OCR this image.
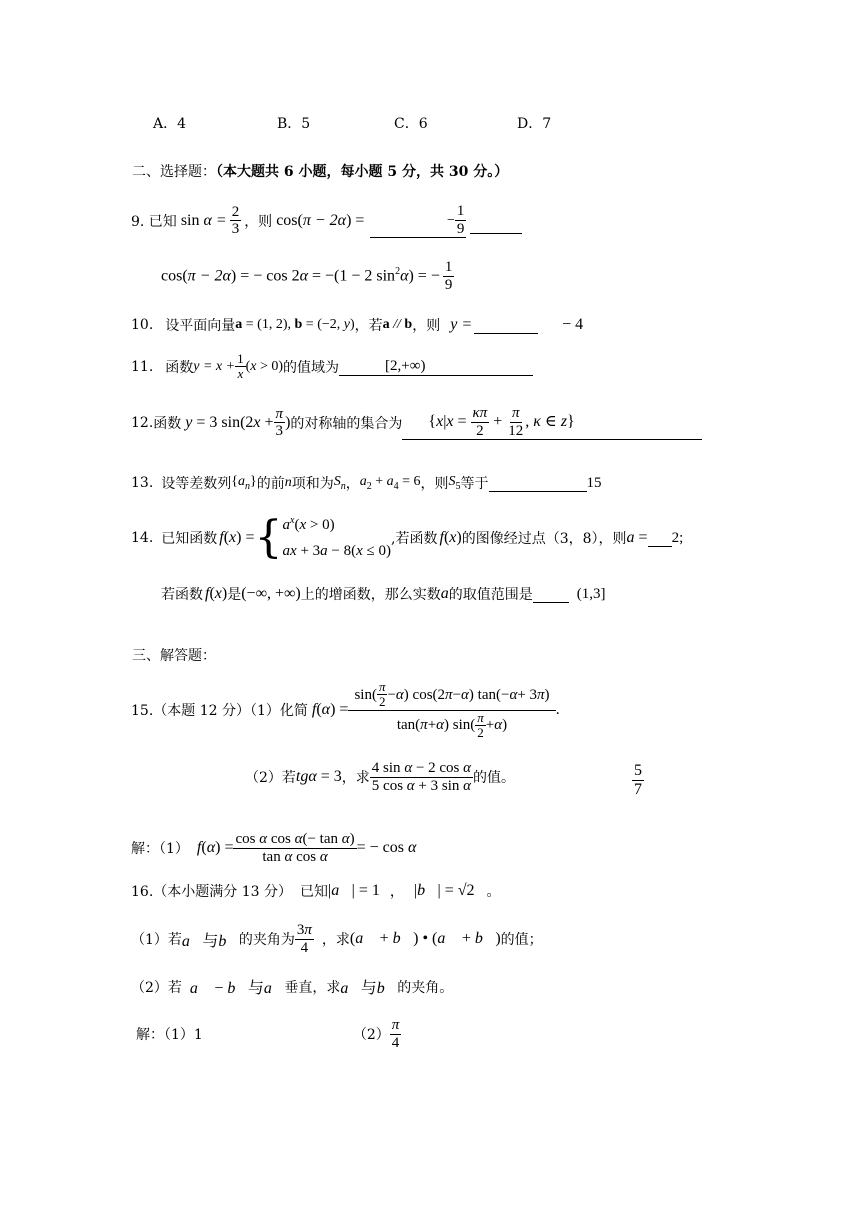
A．4	B．5	C．6	D．7
二、选择题：（本大题共 6 小题，每小题 5 分，共 30 分。）
9. 已知 $\sin \alpha = \frac{2}{3}$ ，则 cos(π − 2α) =	− $\frac{1}{9}$
cos(π − 2α) = − cos 2α = −(1 − 2 $\sin^2\alpha$) = − $\frac{1}{9}$
10. 设平面向量 a = (1, 2), b = (−2, y) ，若 a // b ，则 y =
	− 4
11. 函数 $y = x + \frac{1}{x} (x > 0)$ 的值域为	[2,+∞)
12. 函数 y = 3 $\sin(2x + \frac{\pi}{3}$ ) 的对称轴的集合为	{$x|x = \frac{\kappa\pi}{2} + \frac{\pi}{12}$ , κ ∈ z}
13. 设等差数列 $\{a_n\}$ 的前 n 项和为 $S_n$ ， $a_2 + a_4 = 6$ ，则 $S_5$ 等于
	15
14. 已知函数 f(x) = { $a^x(x > 0)$
ax + 3a − 8(x ≤ 0)
,若函数 f(x) 的图像经过点（3，8），则 a =
2;
若函数 f(x) 是 (−∞, +∞) 上的增函数，那么实数 a 的取值范围是
	(1,3]
三、解答题：
15.（本题 12 分）（1）化简 $f(\alpha) = \frac{\sin( \frac{\pi}{2} - \alpha ) \cos(2 \pi - \alpha ) \tan(- \alpha + 3 \pi )}{\tan( \pi + \alpha ) \sin( \frac{\pi}{2} + \alpha )}$ .
（2）若 tgα = 3 ，求 $\frac{\text{4 sin α − 2 cos α}}{\text{5 cos α + 3 sin α}}$ 的值。	$\frac{5}{7}$
解：（1） $f(\alpha) = \frac{\text{cos α cos α(− tan α)}}{\text{tan α cos α}}$ = − cos α
16.（本小题满分 13 分） 已知 |a⃗| = 1 ， |b⃗| = √2 。
（1）若 a⃗与b⃗ 的夹角为 $\frac{3\pi}{4}$ ，求 (a⃗ + b⃗) • (a⃗ + b⃗) 的值；
（2）若 a⃗ − b⃗与a⃗ 垂直，求 a⃗与b⃗ 的夹角。
解：（1）1	$(2) \frac{\pi}{4}$
